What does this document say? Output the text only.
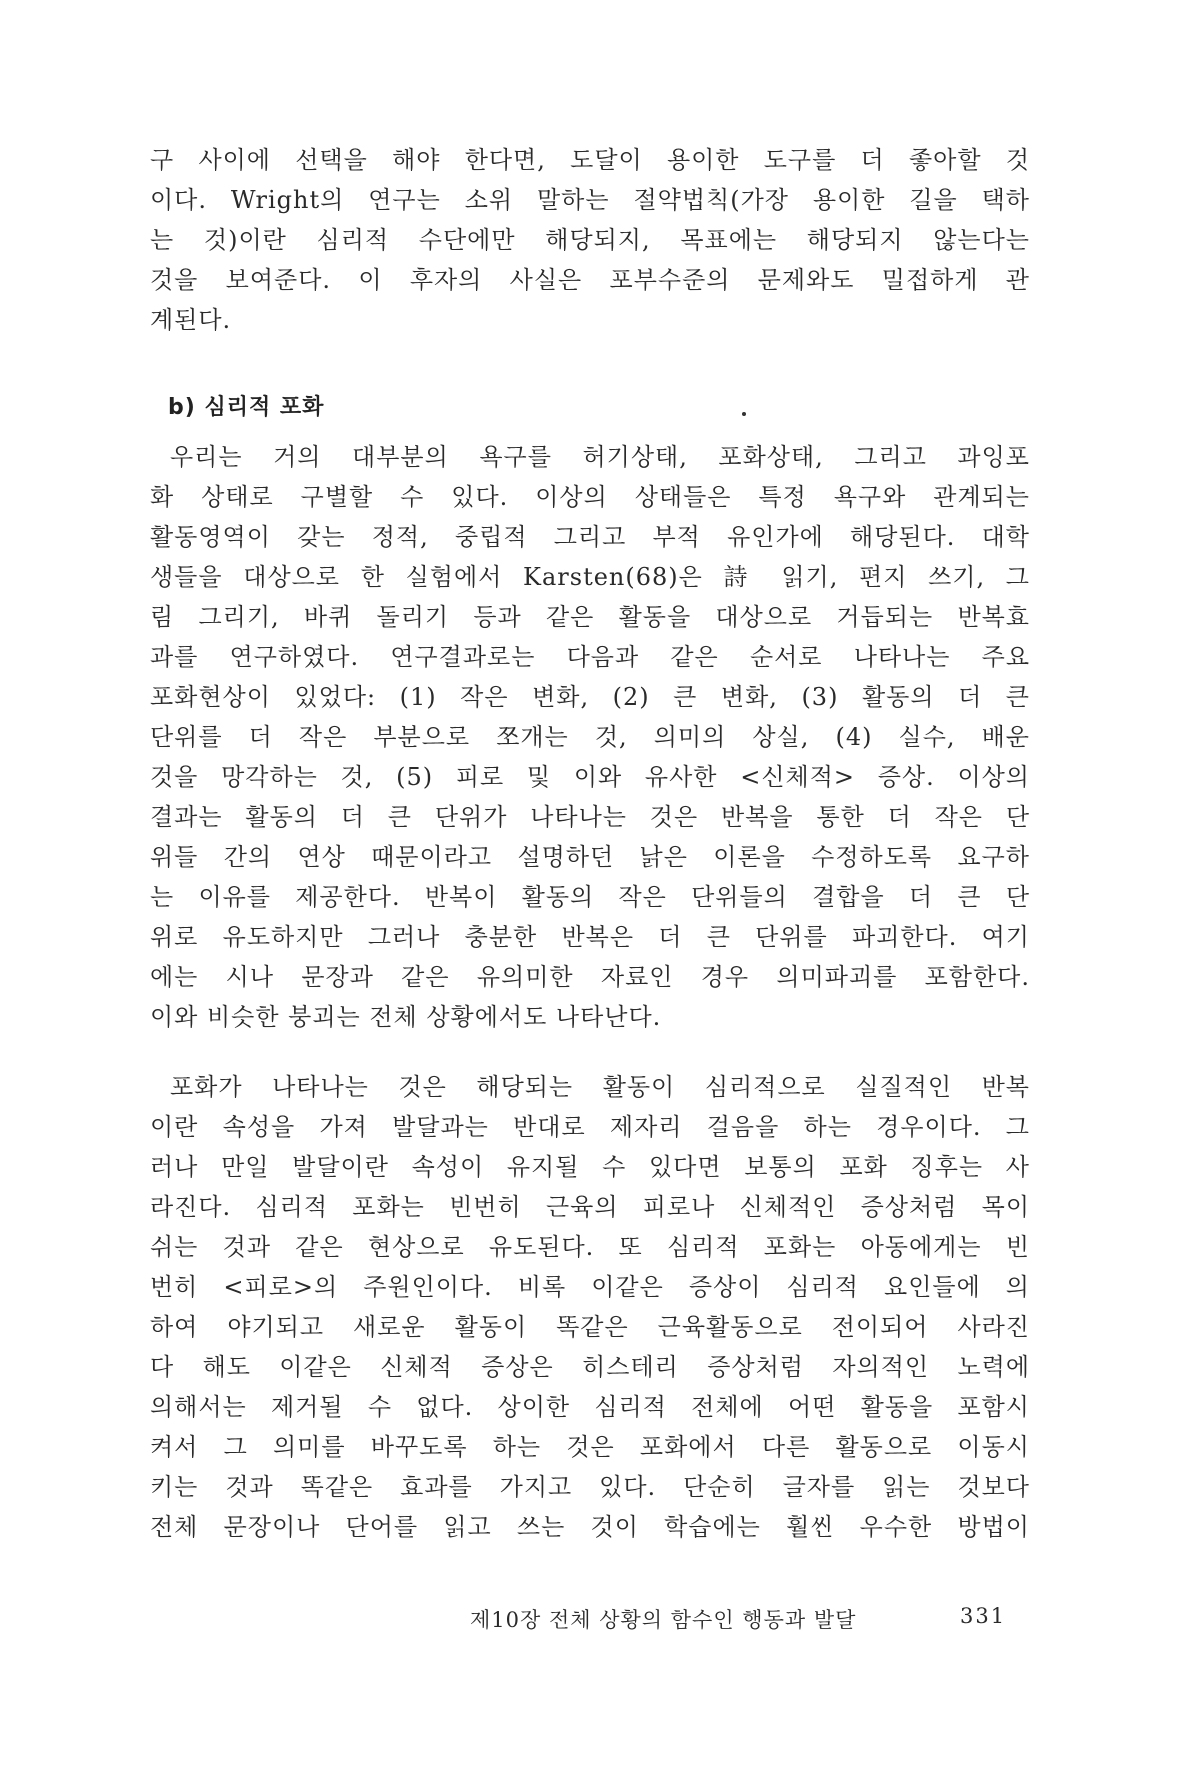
구 사이에 선택을 해야 한다면, 도달이 용이한 도구를 더 좋아할 것
이다. Wright의 연구는 소위 말하는 절약법칙(가장 용이한 길을 택하
는 것)이란 심리적 수단에만 해당되지, 목표에는 해당되지 않는다는
것을 보여준다. 이 후자의 사실은 포부수준의 문제와도 밀접하게 관
계된다.
b) 심리적 포화
우리는 거의 대부분의 욕구를 허기상태, 포화상태, 그리고 과잉포
화 상태로 구별할 수 있다. 이상의 상태들은 특정 욕구와 관계되는
활동영역이 갖는 정적, 중립적 그리고 부적 유인가에 해당된다. 대학
생들을 대상으로 한 실험에서 Karsten(68)은 詩 읽기, 편지 쓰기, 그
림 그리기, 바퀴 돌리기 등과 같은 활동을 대상으로 거듭되는 반복효
과를 연구하였다. 연구결과로는 다음과 같은 순서로 나타나는 주요
포화현상이 있었다: (1) 작은 변화, (2) 큰 변화, (3) 활동의 더 큰
단위를 더 작은 부분으로 쪼개는 것, 의미의 상실, (4) 실수, 배운
것을 망각하는 것, (5) 피로 및 이와 유사한 <신체적> 증상. 이상의
결과는 활동의 더 큰 단위가 나타나는 것은 반복을 통한 더 작은 단
위들 간의 연상 때문이라고 설명하던 낡은 이론을 수정하도록 요구하
는 이유를 제공한다. 반복이 활동의 작은 단위들의 결합을 더 큰 단
위로 유도하지만 그러나 충분한 반복은 더 큰 단위를 파괴한다. 여기
에는 시나 문장과 같은 유의미한 자료인 경우 의미파괴를 포함한다.
이와 비슷한 붕괴는 전체 상황에서도 나타난다.
포화가 나타나는 것은 해당되는 활동이 심리적으로 실질적인 반복
이란 속성을 가져 발달과는 반대로 제자리 걸음을 하는 경우이다. 그
러나 만일 발달이란 속성이 유지될 수 있다면 보통의 포화 징후는 사
라진다. 심리적 포화는 빈번히 근육의 피로나 신체적인 증상처럼 목이
쉬는 것과 같은 현상으로 유도된다. 또 심리적 포화는 아동에게는 빈
번히 <피로>의 주원인이다. 비록 이같은 증상이 심리적 요인들에 의
하여 야기되고 새로운 활동이 똑같은 근육활동으로 전이되어 사라진
다 해도 이같은 신체적 증상은 히스테리 증상처럼 자의적인 노력에
의해서는 제거될 수 없다. 상이한 심리적 전체에 어떤 활동을 포함시
켜서 그 의미를 바꾸도록 하는 것은 포화에서 다른 활동으로 이동시
키는 것과 똑같은 효과를 가지고 있다. 단순히 글자를 읽는 것보다
전체 문장이나 단어를 읽고 쓰는 것이 학습에는 훨씬 우수한 방법이
제10장 전체 상황의 함수인 행동과 발달	331
